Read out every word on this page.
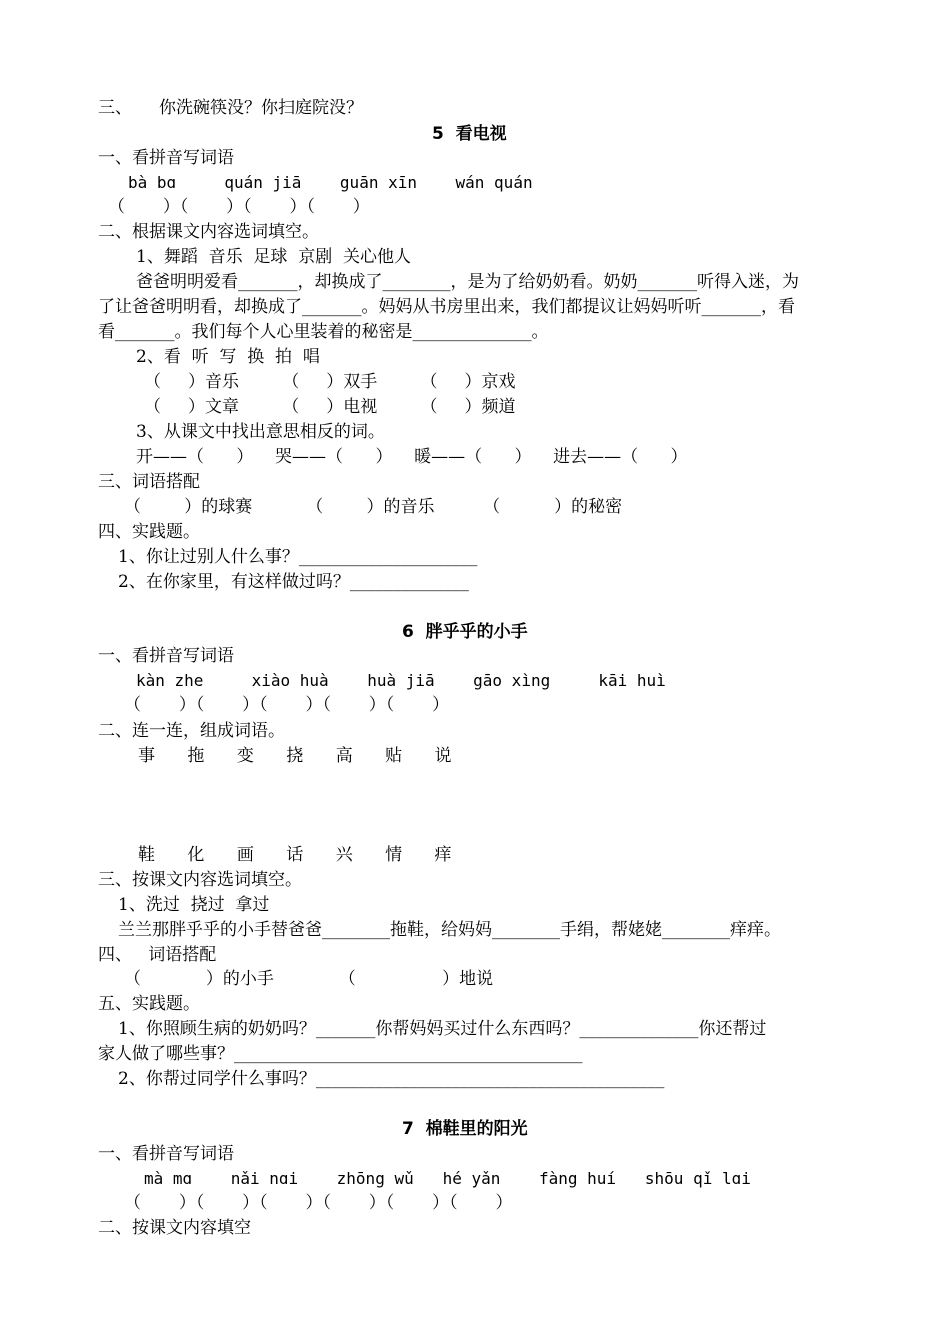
三、     你洗碗筷没？你扫庭院没？
5  看电视
一、看拼音写词语
bà bɑ     quán jiā    guān xīn    wán quán
（       ）（       ）（       ）（       ）
二、根据课文内容选词填空。
1、舞蹈  音乐  足球  京剧  关心他人
爸爸明明爱看_______，却换成了________，是为了给奶奶看。奶奶_______听得入迷，为
了让爸爸明明看，却换成了_______。妈妈从书房里出来，我们都提议让妈妈听听_______，看
看_______。我们每个人心里装着的秘密是______________。
2、看  听  写  换  拍  唱
（     ）音乐        （     ）双手        （     ）京戏
（     ）文章        （     ）电视        （     ）频道
3、从课文中找出意思相反的词。
开——（      ）    哭——（      ）    暖——（      ）    进去——（      ）
三、词语搭配
（        ）的球赛          （        ）的音乐         （          ）的秘密
四、实践题。
1、你让过别人什么事？_____________________
2、在你家里，有这样做过吗？______________
6  胖乎乎的小手
一、看拼音写词语
kàn zhe     xiào huà    huà jiā    gāo xìng     kāi huì
（       ）（       ）（       ）（       ）（       ）
二、连一连，组成词语。
事      拖      变      挠      高      贴      说
鞋      化      画      话      兴      情      痒
三、按课文内容选词填空。
1、洗过  挠过  拿过
兰兰那胖乎乎的小手替爸爸________拖鞋，给妈妈________手绢，帮姥姥________痒痒。
四、   词语搭配
（            ）的小手            （                ）地说
五、实践题。
1、你照顾生病的奶奶吗？_______你帮妈妈买过什么东西吗？______________你还帮过
家人做了哪些事？_________________________________________
2、你帮过同学什么事吗？_________________________________________
7  棉鞋里的阳光
一、看拼音写词语
mà mɑ    nǎi nɑi    zhōng wǔ   hé yǎn    fàng huí   shōu qǐ lɑi
（       ）（       ）（       ）（       ）（       ）（       ）
二、按课文内容填空
